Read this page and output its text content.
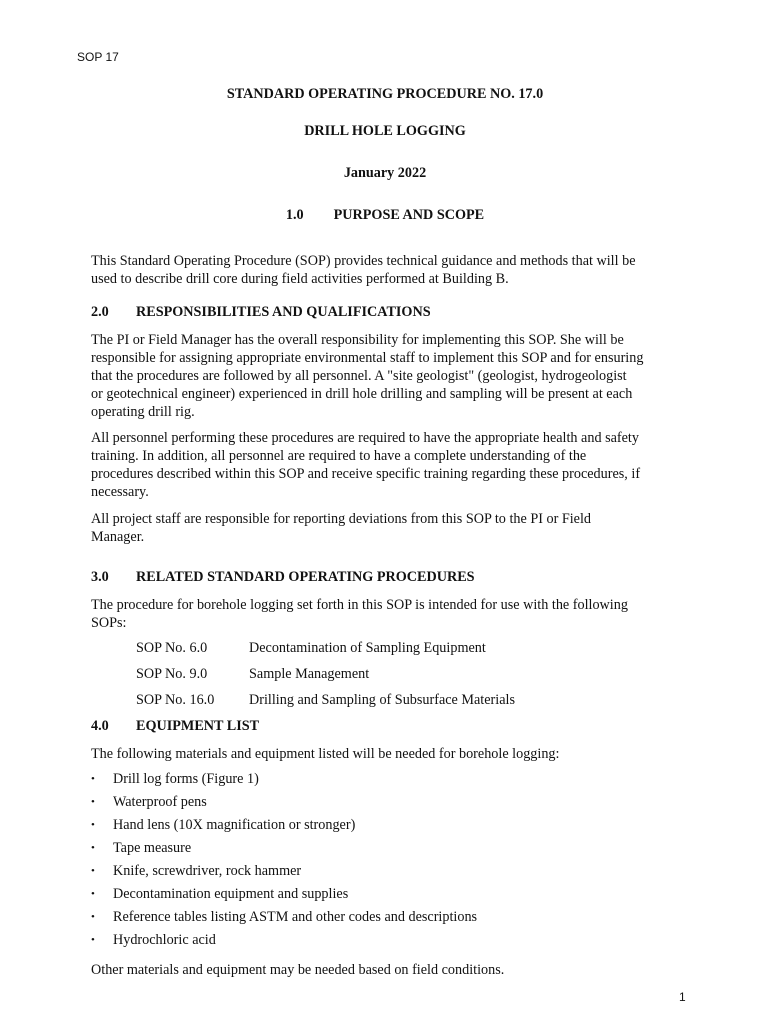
SOP 17
STANDARD OPERATING PROCEDURE NO. 17.0
DRILL HOLE LOGGING
January 2022
1.0 PURPOSE AND SCOPE
This Standard Operating Procedure (SOP) provides technical guidance and methods that will be
used to describe drill core during field activities performed at Building B.
2.0 RESPONSIBILITIES AND QUALIFICATIONS
The PI or Field Manager has the overall responsibility for implementing this SOP. She will be
responsible for assigning appropriate environmental staff to implement this SOP and for ensuring
that the procedures are followed by all personnel. A "site geologist" (geologist, hydrogeologist
or geotechnical engineer) experienced in drill hole drilling and sampling will be present at each
operating drill rig.
All personnel performing these procedures are required to have the appropriate health and safety
training. In addition, all personnel are required to have a complete understanding of the
procedures described within this SOP and receive specific training regarding these procedures, if
necessary.
All project staff are responsible for reporting deviations from this SOP to the PI or Field
Manager.
3.0 RELATED STANDARD OPERATING PROCEDURES
The procedure for borehole logging set forth in this SOP is intended for use with the following
SOPs:
SOP No. 6.0	Decontamination of Sampling Equipment
SOP No. 9.0	Sample Management
SOP No. 16.0 Drilling and Sampling of Subsurface Materials
4.0 EQUIPMENT LIST
The following materials and equipment listed will be needed for borehole logging:
• Drill log forms (Figure 1)
• Waterproof pens
• Hand lens (10X magnification or stronger)
• Tape measure
• Knife, screwdriver, rock hammer
• Decontamination equipment and supplies
• Reference tables listing ASTM and other codes and descriptions
• Hydrochloric acid
Other materials and equipment may be needed based on field conditions.
1
